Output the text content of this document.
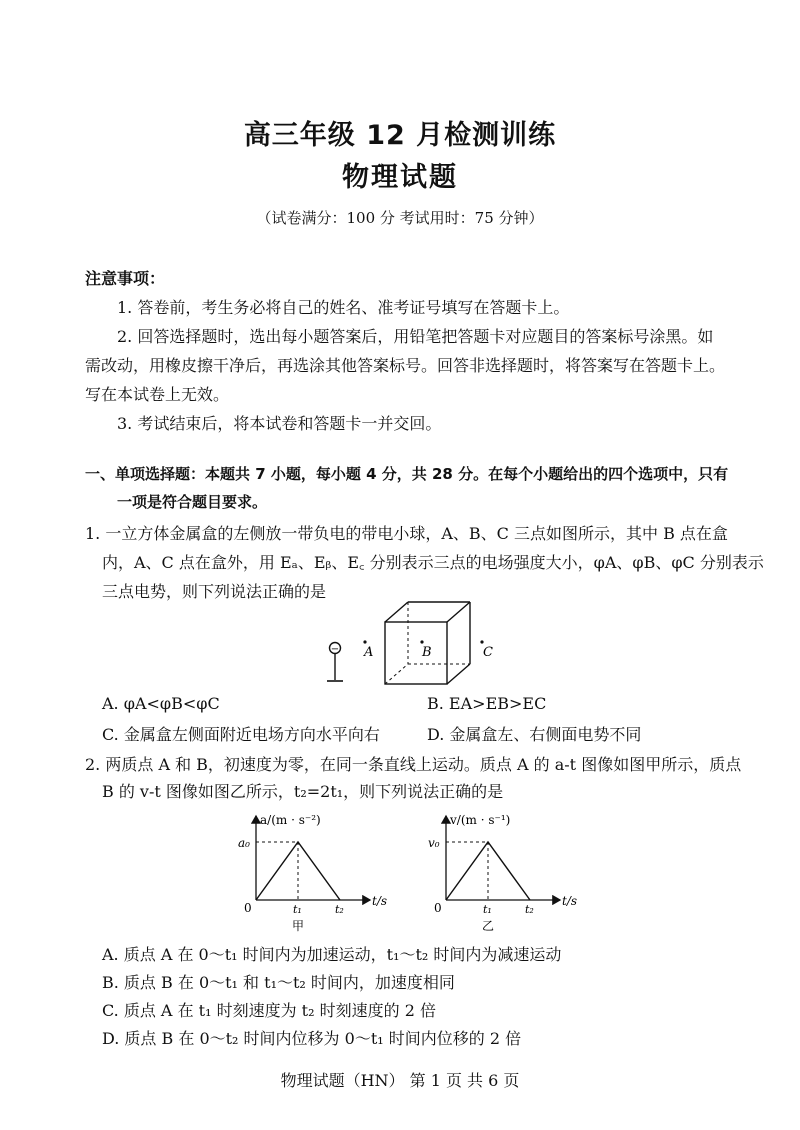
高三年级 12 月检测训练
物理试题
（试卷满分：100 分 考试用时：75 分钟）
注意事项：
1. 答卷前，考生务必将自己的姓名、准考证号填写在答题卡上。
2. 回答选择题时，选出每小题答案后，用铅笔把答题卡对应题目的答案标号涂黑。如
需改动，用橡皮擦干净后，再选涂其他答案标号。回答非选择题时，将答案写在答题卡上。
写在本试卷上无效。
3. 考试结束后，将本试卷和答题卡一并交回。
一、单项选择题：本题共 7 小题，每小题 4 分，共 28 分。在每个小题给出的四个选项中，只有
一项是符合题目要求。
1. 一立方体金属盒的左侧放一带负电的带电小球，A、B、C 三点如图所示，其中 B 点在盒
内，A、C 点在盒外，用 Eₐ、Eᵦ、E꜀ 分别表示三点的电场强度大小，φA、φB、φC 分别表示
三点电势，则下列说法正确的是
− A	B	C
A. φA<φB<φC	B. EA>EB>EC
C. 金属盒左侧面附近电场方向水平向右	D. 金属盒左、右侧面电势不同
2. 两质点 A 和 B，初速度为零，在同一条直线上运动。质点 A 的 a-t 图像如图甲所示，质点
B 的 v-t 图像如图乙所示，t₂=2t₁，则下列说法正确的是
a/(m · s⁻²)
a₀
0	t₁	t₂
t/s
甲
v/(m · s⁻¹)
v₀
0	t₁	t₂
t/s
乙
A. 质点 A 在 0～t₁ 时间内为加速运动，t₁～t₂ 时间内为减速运动
B. 质点 B 在 0～t₁ 和 t₁～t₂ 时间内，加速度相同
C. 质点 A 在 t₁ 时刻速度为 t₂ 时刻速度的 2 倍
D. 质点 B 在 0～t₂ 时间内位移为 0～t₁ 时间内位移的 2 倍
物理试题（HN） 第 1 页 共 6 页
